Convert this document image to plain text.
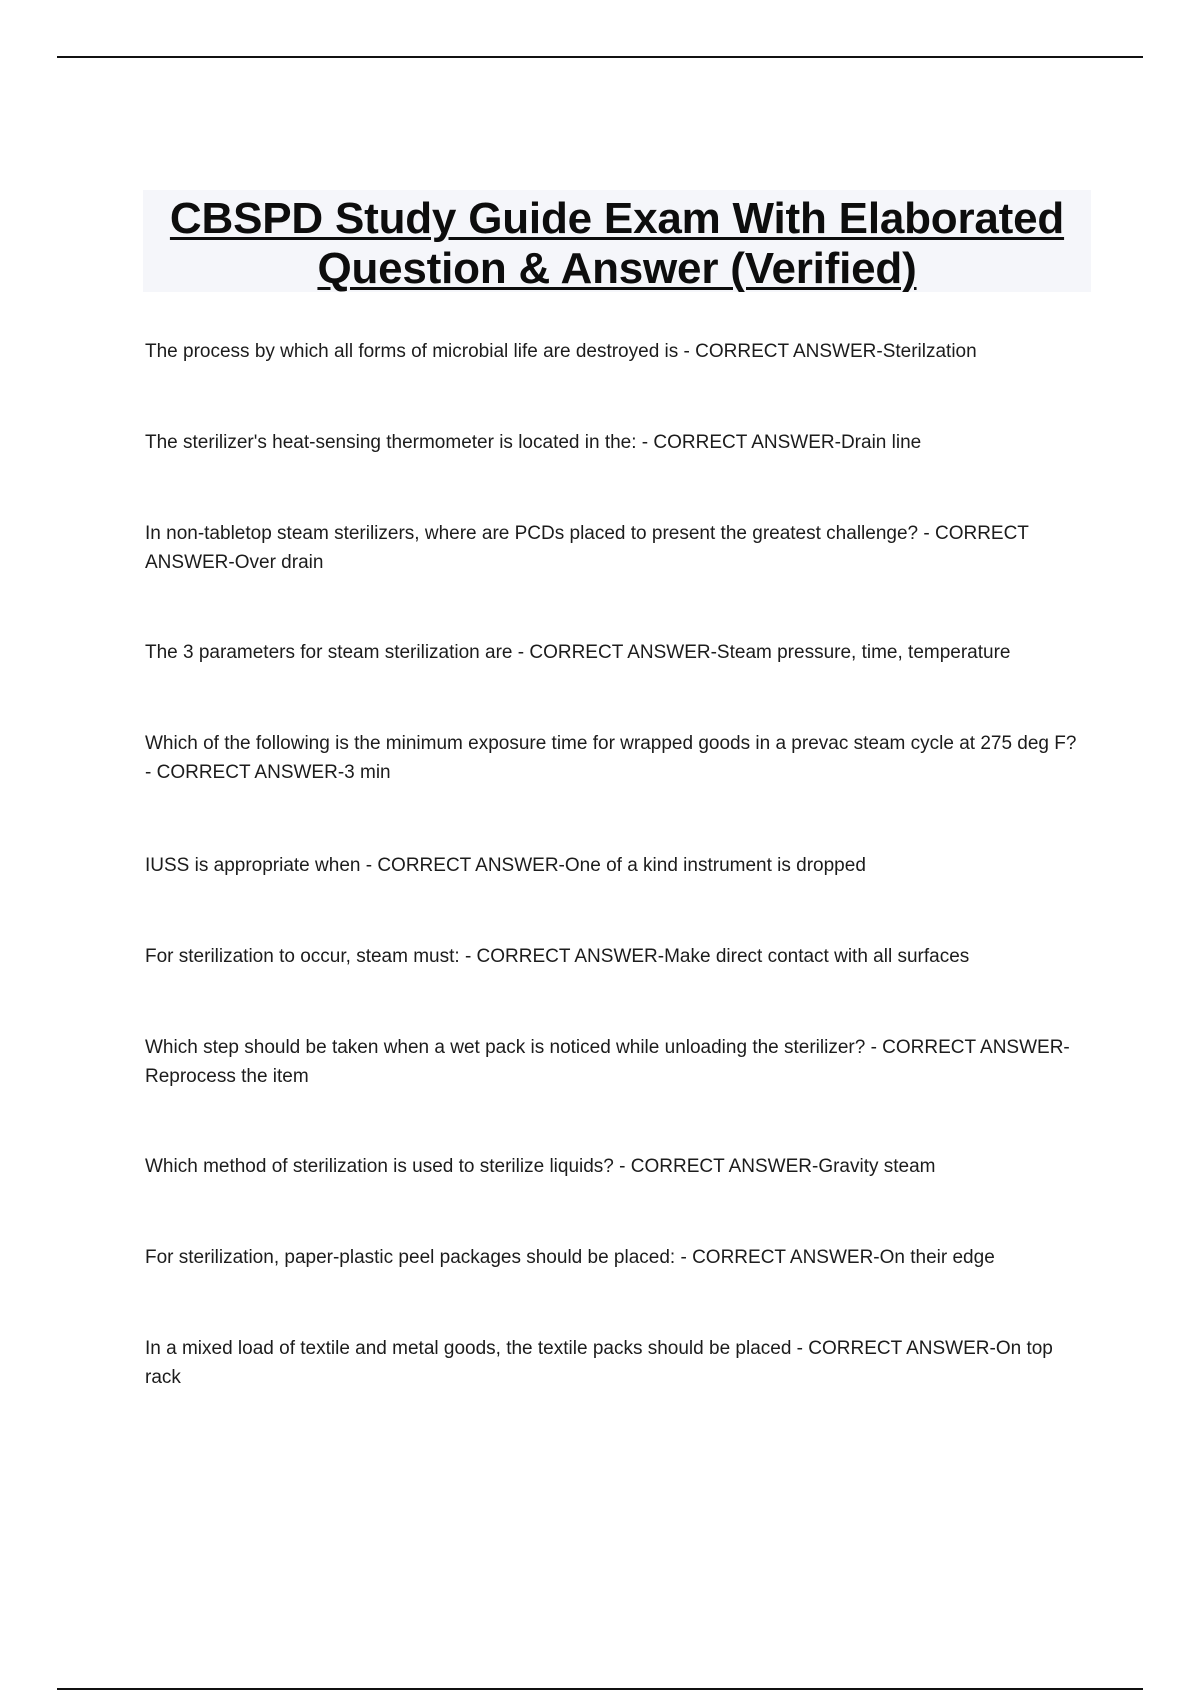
CBSPD Study Guide Exam With Elaborated
Question & Answer (Verified)
The process by which all forms of microbial life are destroyed is - CORRECT ANSWER-Sterilzation
The sterilizer's heat-sensing thermometer is located in the: - CORRECT ANSWER-Drain line
In non-tabletop steam sterilizers, where are PCDs placed to present the greatest challenge? - CORRECT ANSWER-Over drain
The 3 parameters for steam sterilization are - CORRECT ANSWER-Steam pressure, time, temperature
Which of the following is the minimum exposure time for wrapped goods in a prevac steam cycle at 275 deg F? - CORRECT ANSWER-3 min
IUSS is appropriate when - CORRECT ANSWER-One of a kind instrument is dropped
For sterilization to occur, steam must: - CORRECT ANSWER-Make direct contact with all surfaces
Which step should be taken when a wet pack is noticed while unloading the sterilizer? - CORRECT ANSWER-Reprocess the item
Which method of sterilization is used to sterilize liquids? - CORRECT ANSWER-Gravity steam
For sterilization, paper-plastic peel packages should be placed: - CORRECT ANSWER-On their edge
In a mixed load of textile and metal goods, the textile packs should be placed - CORRECT ANSWER-On top rack
